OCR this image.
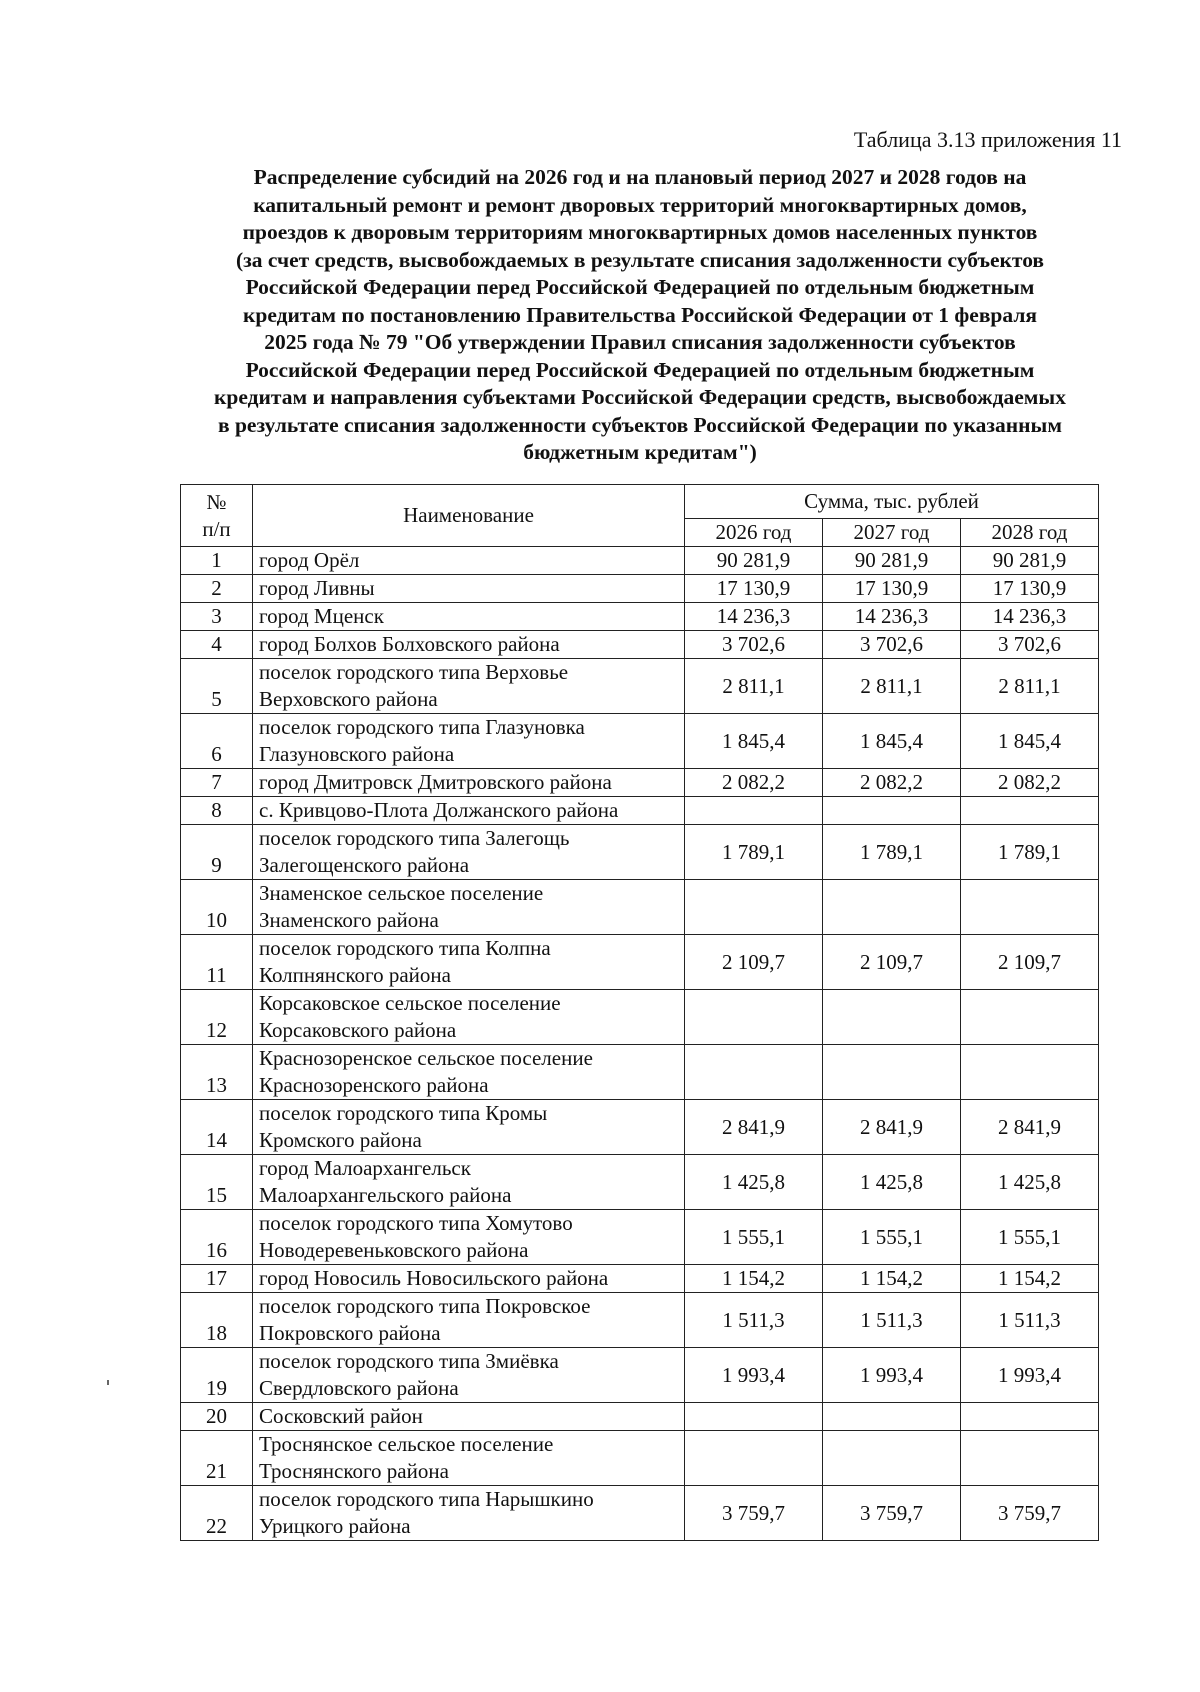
Таблица 3.13 приложения 11
Распределение субсидий на 2026 год и на плановый период 2027 и 2028 годов на
капитальный ремонт и ремонт дворовых территорий многоквартирных домов,
проездов к дворовым территориям многоквартирных домов населенных пунктов
(за счет средств, высвобождаемых в результате списания задолженности субъектов
Российской Федерации перед Российской Федерацией по отдельным бюджетным
кредитам по постановлению Правительства Российской Федерации от 1 февраля
2025 года № 79 "Об утверждении Правил списания задолженности субъектов
Российской Федерации перед Российской Федерацией по отдельным бюджетным
кредитам и направления субъектами Российской Федерации средств, высвобождаемых
в результате списания задолженности субъектов Российской Федерации по указанным
бюджетным кредитам")
№
п/п	Наименование	Сумма, тыс. рублей		
		2026 год	2027 год	2028 год
1	город Орёл	90 281,9	90 281,9	90 281,9
2	город Ливны	17 130,9	17 130,9	17 130,9
3	город Мценск	14 236,3	14 236,3	14 236,3
4	город Болхов Болховского района	3 702,6	3 702,6	3 702,6
5	поселок городского типа Верховье
Верховского района	2 811,1	2 811,1	2 811,1
6	поселок городского типа Глазуновка
Глазуновского района	1 845,4	1 845,4	1 845,4
7	город Дмитровск Дмитровского района	2 082,2	2 082,2	2 082,2
8	с. Кривцово-Плота Должанского района			

9	поселок городского типа Залегощь
Залегощенского района	1 789,1	1 789,1	1 789,1
10	Знаменское сельское поселение
Знаменского района			

11	поселок городского типа Колпна
Колпнянского района	2 109,7	2 109,7	2 109,7
12	Корсаковское сельское поселение
Корсаковского района			

13	Краснозоренское сельское поселение
Краснозоренского района			

14	поселок городского типа Кромы
Кромского района	2 841,9	2 841,9	2 841,9
15	город Малоархангельск
Малоархангельского района	1 425,8	1 425,8	1 425,8
16	поселок городского типа Хомутово
Новодеревеньковского района	1 555,1	1 555,1	1 555,1
17	город Новосиль Новосильского района	1 154,2	1 154,2	1 154,2
18	поселок городского типа Покровское
Покровского района	1 511,3	1 511,3	1 511,3
19	поселок городского типа Змиёвка
Свердловского района	1 993,4	1 993,4	1 993,4
20	Сосковский район			

21	Троснянское сельское поселение
Троснянского района			

22	поселок городского типа Нарышкино
Урицкого района	3 759,7	3 759,7	3 759,7
